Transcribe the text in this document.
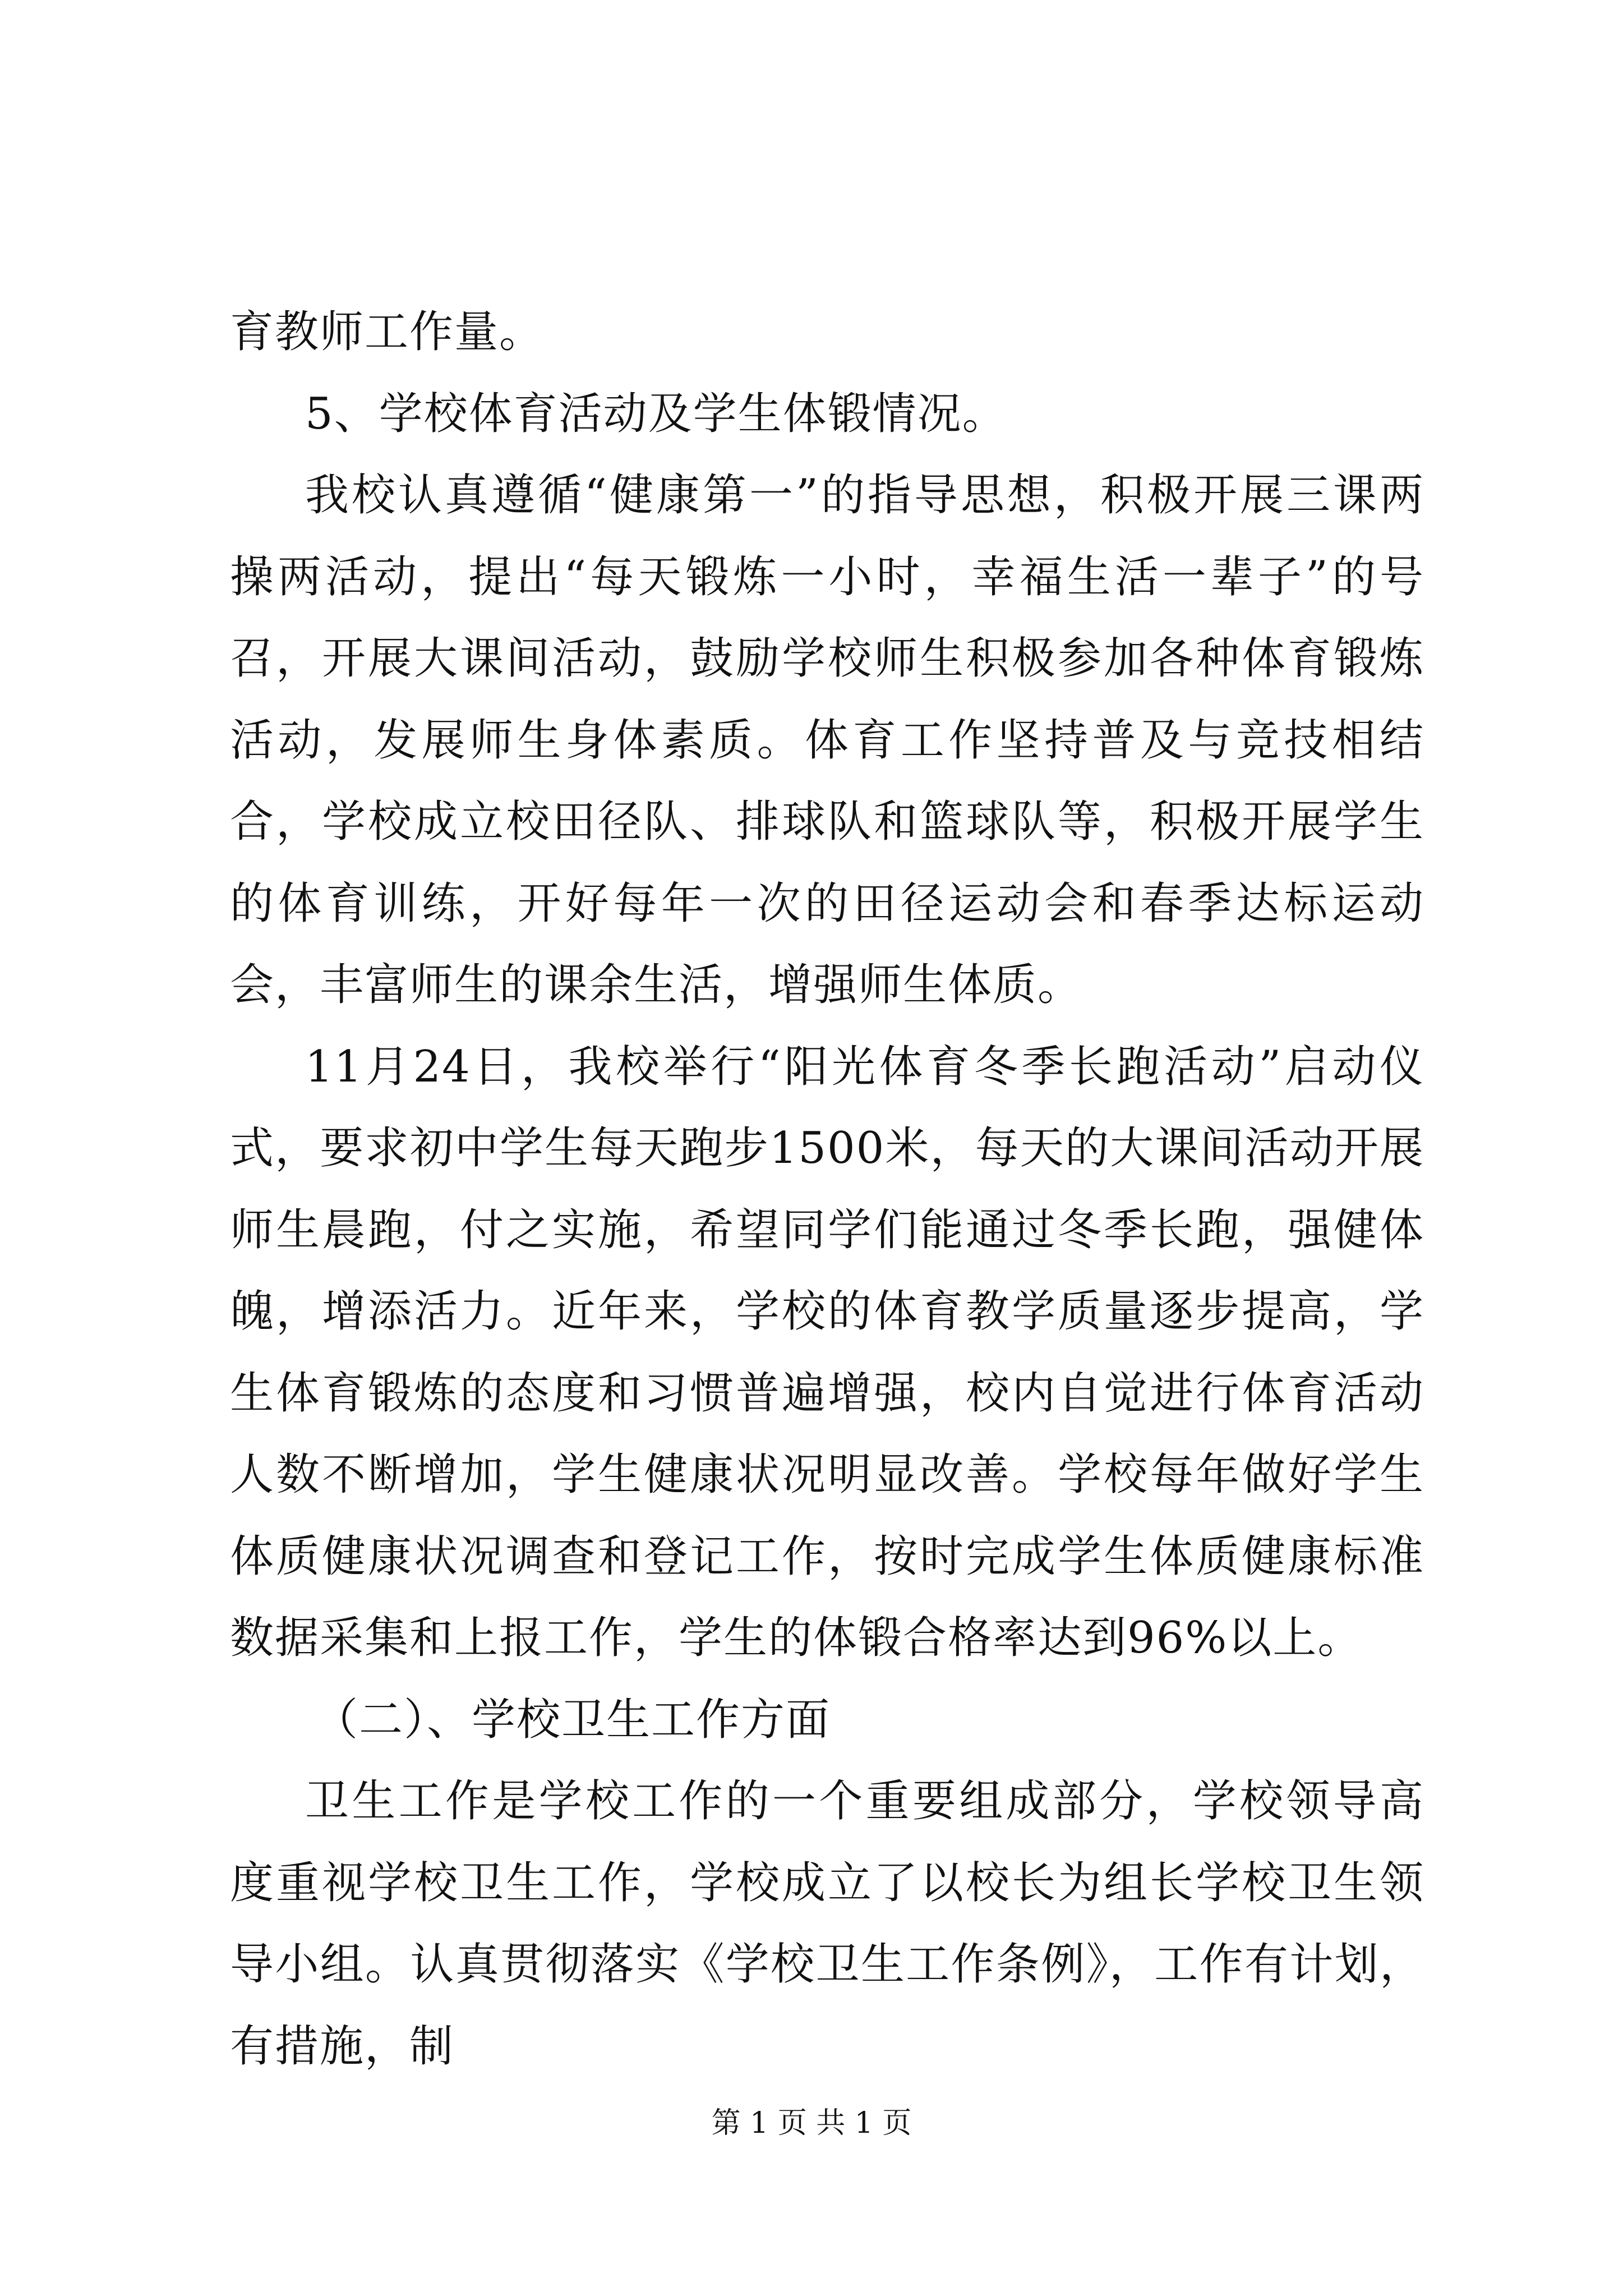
育教师工作量。

5、学校体育活动及学生体锻情况。

我校认真遵循“健康第一”的指导思想，积极开展三课两操两活动，提出“每天锻炼一小时，幸福生活一辈子”的号召，开展大课间活动，鼓励学校师生积极参加各种体育锻炼活动，发展师生身体素质。体育工作坚持普及与竞技相结合，学校成立校田径队、排球队和篮球队等，积极开展学生的体育训练，开好每年一次的田径运动会和春季达标运动会，丰富师生的课余生活，增强师生体质。

11月24日，我校举行“阳光体育冬季长跑活动”启动仪式，要求初中学生每天跑步1500米，每天的大课间活动开展师生晨跑，付之实施，希望同学们能通过冬季长跑，强健体魄，增添活力。近年来，学校的体育教学质量逐步提高，学生体育锻炼的态度和习惯普遍增强，校内自觉进行体育活动人数不断增加，学生健康状况明显改善。学校每年做好学生体质健康状况调查和登记工作，按时完成学生体质健康标准数据采集和上报工作，学生的体锻合格率达到96%以上。

（二）、学校卫生工作方面

卫生工作是学校工作的一个重要组成部分，学校领导高度重视学校卫生工作，学校成立了以校长为组长学校卫生领导小组。认真贯彻落实《学校卫生工作条例》，工作有计划，有措施，制

第 1 页 共 1 页
